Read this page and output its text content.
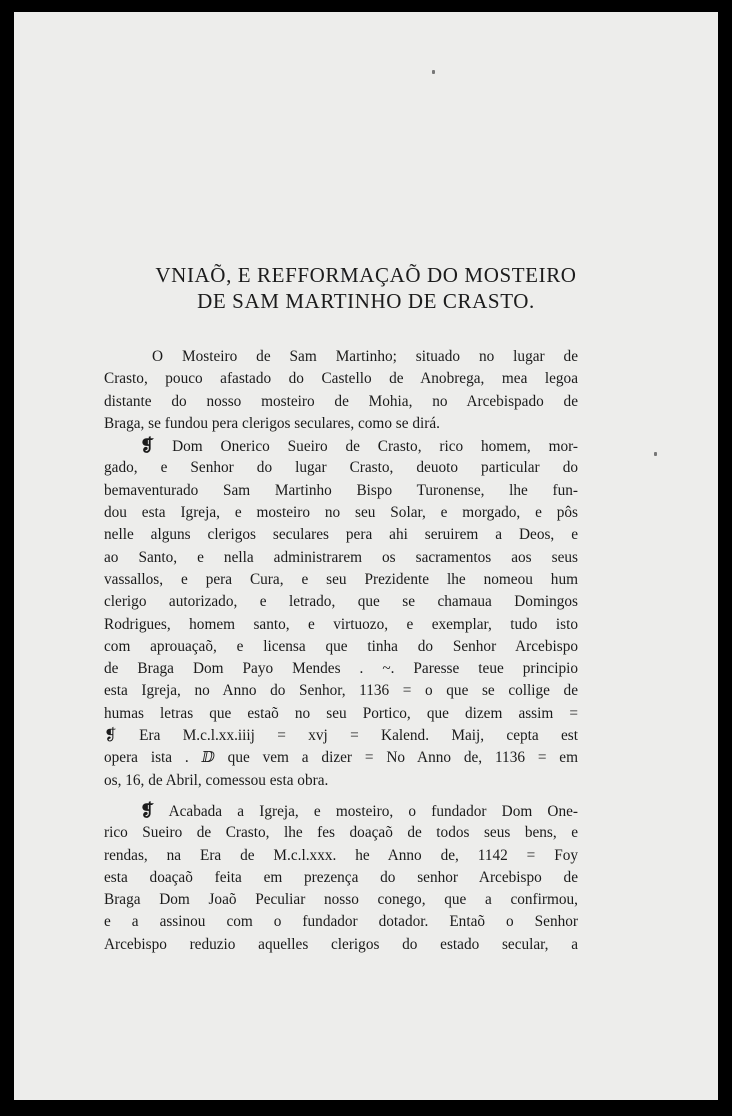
VNIAÕ, E REFFORMAÇAÕ DO MOSTEIRO
DE SAM MARTINHO DE CRASTO.
O Mosteiro de Sam Martinho; situado no lugar de
Crasto, pouco afastado do Castello de Anobrega, mea legoa
distante do nosso mosteiro de Mohia, no Arcebispado de
Braga, se fundou pera clerigos seculares, como se dirá.
❡ Dom Onerico Sueiro de Crasto, rico homem, mor-
gado, e Senhor do lugar Crasto, deuoto particular do
bemaventurado Sam Martinho Bispo Turonense, lhe fun-
dou esta Igreja, e mosteiro no seu Solar, e morgado, e pôs
nelle alguns clerigos seculares pera ahi seruirem a Deos, e
ao Santo, e nella administrarem os sacramentos aos seus
vassallos, e pera Cura, e seu Prezidente lhe nomeou hum
clerigo autorizado, e letrado, que se chamaua Domingos
Rodrigues, homem santo, e virtuozo, e exemplar, tudo isto
com aprouaçaõ, e licensa que tinha do Senhor Arcebispo
de Braga Dom Payo Mendes . ~. Paresse teue principio
esta Igreja, no Anno do Senhor, 1136 = o que se collige de
humas letras que estaõ no seu Portico, que dizem assim =
❡ Era M.c.l.xx.iiij = xvj = Kalend. Maij, cepta est
opera ista . ⅅ que vem a dizer = No Anno de, 1136 = em
os, 16, de Abril, comessou esta obra.
❡ Acabada a Igreja, e mosteiro, o fundador Dom One-
rico Sueiro de Crasto, lhe fes doaçaõ de todos seus bens, e
rendas, na Era de M.c.l.xxx. he Anno de, 1142 = Foy
esta doaçaõ feita em prezença do senhor Arcebispo de
Braga Dom Joaõ Peculiar nosso conego, que a confirmou,
e a assinou com o fundador dotador. Entaõ o Senhor
Arcebispo reduzio aquelles clerigos do estado secular, a
